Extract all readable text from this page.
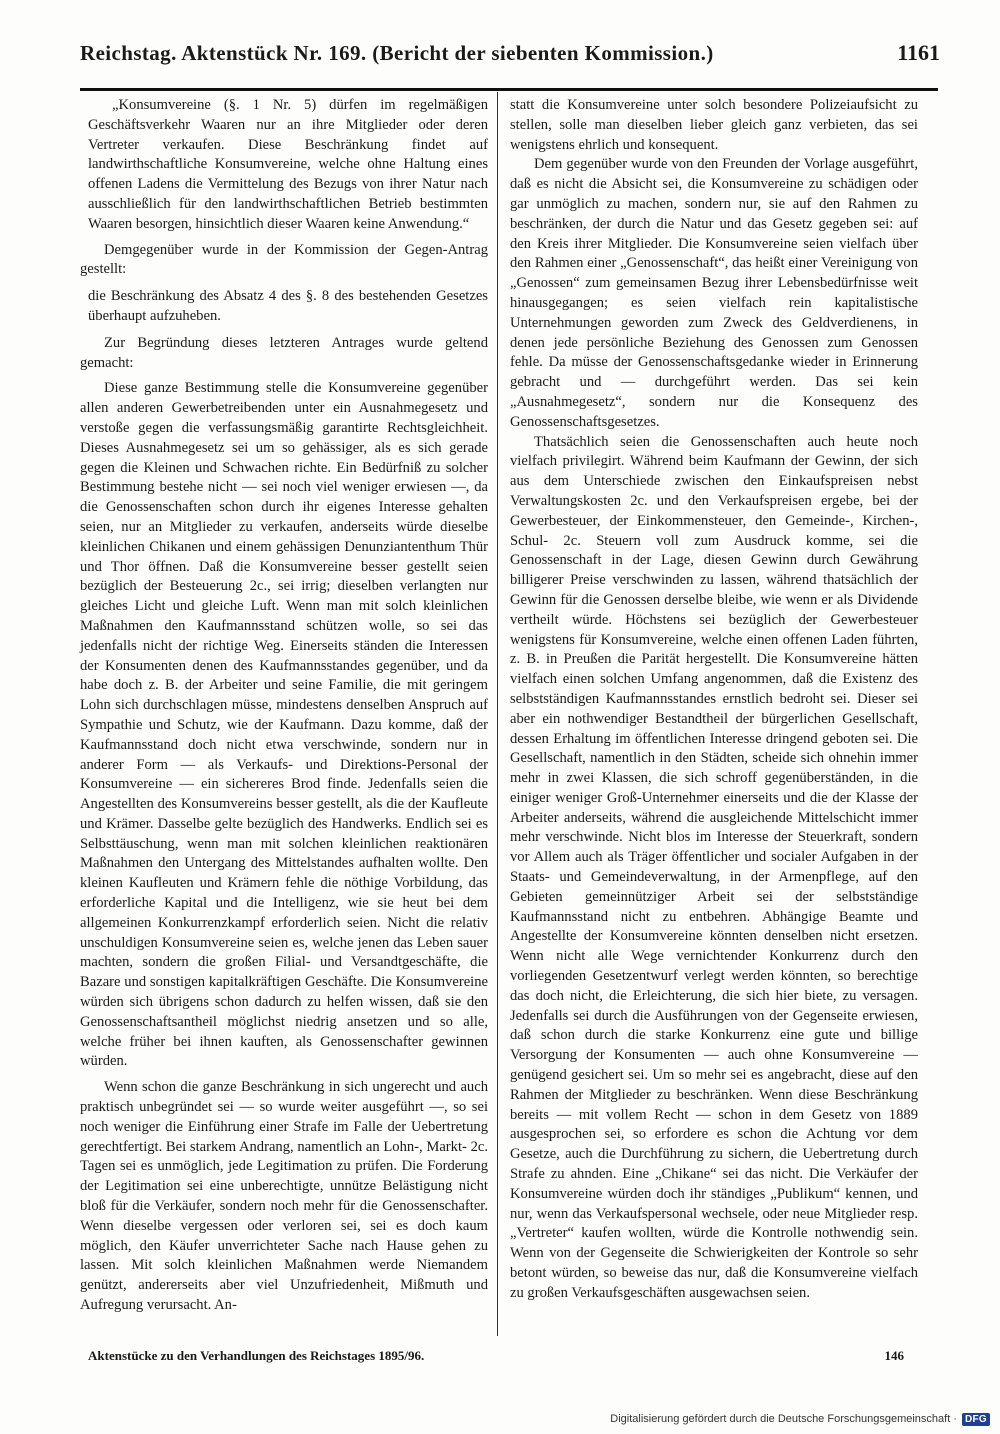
Reichstag. Aktenstück Nr. 169. (Bericht der siebenten Kommission.)	1161

„Konsumvereine (§. 1 Nr. 5) dürfen im regelmäßigen Geschäftsverkehr Waaren nur an ihre Mitglieder oder deren Vertreter verkaufen. Diese Beschränkung findet auf landwirthschaftliche Konsumvereine, welche ohne Haltung eines offenen Ladens die Vermittelung des Bezugs von ihrer Natur nach ausschließlich für den landwirthschaftlichen Betrieb bestimmten Waaren besorgen, hinsichtlich dieser Waaren keine Anwendung.“

Demgegenüber wurde in der Kommission der Gegen-Antrag gestellt:

die Beschränkung des Absatz 4 des §. 8 des bestehenden Gesetzes überhaupt aufzuheben.

Zur Begründung dieses letzteren Antrages wurde geltend gemacht:

Diese ganze Bestimmung stelle die Konsumvereine gegenüber allen anderen Gewerbetreibenden unter ein Ausnahmegesetz und verstoße gegen die verfassungsmäßig garantirte Rechtsgleichheit. Dieses Ausnahmegesetz sei um so gehässiger, als es sich gerade gegen die Kleinen und Schwachen richte. Ein Bedürfniß zu solcher Bestimmung bestehe nicht — sei noch viel weniger erwiesen —, da die Genossenschaften schon durch ihr eigenes Interesse gehalten seien, nur an Mitglieder zu verkaufen, anderseits würde dieselbe kleinlichen Chikanen und einem gehässigen Denunziantenthum Thür und Thor öffnen. Daß die Konsumvereine besser gestellt seien bezüglich der Besteuerung 2c., sei irrig; dieselben verlangten nur gleiches Licht und gleiche Luft. Wenn man mit solch kleinlichen Maßnahmen den Kaufmannsstand schützen wolle, so sei das jedenfalls nicht der richtige Weg. Einerseits ständen die Interessen der Konsumenten denen des Kaufmannsstandes gegenüber, und da habe doch z. B. der Arbeiter und seine Familie, die mit geringem Lohn sich durchschlagen müsse, mindestens denselben Anspruch auf Sympathie und Schutz, wie der Kaufmann. Dazu komme, daß der Kaufmannsstand doch nicht etwa verschwinde, sondern nur in anderer Form — als Verkaufs- und Direktions-Personal der Konsumvereine — ein sichereres Brod finde. Jedenfalls seien die Angestellten des Konsumvereins besser gestellt, als die der Kaufleute und Krämer. Dasselbe gelte bezüglich des Handwerks. Endlich sei es Selbsttäuschung, wenn man mit solchen kleinlichen reaktionären Maßnahmen den Untergang des Mittelstandes aufhalten wollte. Den kleinen Kaufleuten und Krämern fehle die nöthige Vorbildung, das erforderliche Kapital und die Intelligenz, wie sie heut bei dem allgemeinen Konkurrenzkampf erforderlich seien. Nicht die relativ unschuldigen Konsumvereine seien es, welche jenen das Leben sauer machten, sondern die großen Filial- und Versandtgeschäfte, die Bazare und sonstigen kapitalkräftigen Geschäfte. Die Konsumvereine würden sich übrigens schon dadurch zu helfen wissen, daß sie den Genossenschaftsantheil möglichst niedrig ansetzen und so alle, welche früher bei ihnen kauften, als Genossenschafter gewinnen würden.

Wenn schon die ganze Beschränkung in sich ungerecht und auch praktisch unbegründet sei — so wurde weiter ausgeführt —, so sei noch weniger die Einführung einer Strafe im Falle der Uebertretung gerechtfertigt. Bei starkem Andrang, namentlich an Lohn-, Markt- 2c. Tagen sei es unmöglich, jede Legitimation zu prüfen. Die Forderung der Legitimation sei eine unberechtigte, unnütze Belästigung nicht bloß für die Verkäufer, sondern noch mehr für die Genossenschafter. Wenn dieselbe vergessen oder verloren sei, sei es doch kaum möglich, den Käufer unverrichteter Sache nach Hause gehen zu lassen. Mit solch kleinlichen Maßnahmen werde Niemandem genützt, andererseits aber viel Unzufriedenheit, Mißmuth und Aufregung verursacht. An-

statt die Konsumvereine unter solch besondere Polizeiaufsicht zu stellen, solle man dieselben lieber gleich ganz verbieten, das sei wenigstens ehrlich und konsequent.

Dem gegenüber wurde von den Freunden der Vorlage ausgeführt, daß es nicht die Absicht sei, die Konsumvereine zu schädigen oder gar unmöglich zu machen, sondern nur, sie auf den Rahmen zu beschränken, der durch die Natur und das Gesetz gegeben sei: auf den Kreis ihrer Mitglieder. Die Konsumvereine seien vielfach über den Rahmen einer „Genossenschaft“, das heißt einer Vereinigung von „Genossen“ zum gemeinsamen Bezug ihrer Lebensbedürfnisse weit hinausgegangen; es seien vielfach rein kapitalistische Unternehmungen geworden zum Zweck des Geldverdienens, in denen jede persönliche Beziehung des Genossen zum Genossen fehle. Da müsse der Genossenschaftsgedanke wieder in Erinnerung gebracht und — durchgeführt werden. Das sei kein „Ausnahmegesetz“, sondern nur die Konsequenz des Genossenschaftsgesetzes.

Thatsächlich seien die Genossenschaften auch heute noch vielfach privilegirt. Während beim Kaufmann der Gewinn, der sich aus dem Unterschiede zwischen den Einkaufspreisen nebst Verwaltungskosten 2c. und den Verkaufspreisen ergebe, bei der Gewerbesteuer, der Einkommensteuer, den Gemeinde-, Kirchen-, Schul- 2c. Steuern voll zum Ausdruck komme, sei die Genossenschaft in der Lage, diesen Gewinn durch Gewährung billigerer Preise verschwinden zu lassen, während thatsächlich der Gewinn für die Genossen derselbe bleibe, wie wenn er als Dividende vertheilt würde. Höchstens sei bezüglich der Gewerbesteuer wenigstens für Konsumvereine, welche einen offenen Laden führten, z. B. in Preußen die Parität hergestellt. Die Konsumvereine hätten vielfach einen solchen Umfang angenommen, daß die Existenz des selbstständigen Kaufmannsstandes ernstlich bedroht sei. Dieser sei aber ein nothwendiger Bestandtheil der bürgerlichen Gesellschaft, dessen Erhaltung im öffentlichen Interesse dringend geboten sei. Die Gesellschaft, namentlich in den Städten, scheide sich ohnehin immer mehr in zwei Klassen, die sich schroff gegenüberständen, in die einiger weniger Groß-Unternehmer einerseits und die der Klasse der Arbeiter anderseits, während die ausgleichende Mittelschicht immer mehr verschwinde. Nicht blos im Interesse der Steuerkraft, sondern vor Allem auch als Träger öffentlicher und socialer Aufgaben in der Staats- und Gemeindeverwaltung, in der Armenpflege, auf den Gebieten gemeinnütziger Arbeit sei der selbstständige Kaufmannsstand nicht zu entbehren. Abhängige Beamte und Angestellte der Konsumvereine könnten denselben nicht ersetzen. Wenn nicht alle Wege vernichtender Konkurrenz durch den vorliegenden Gesetzentwurf verlegt werden könnten, so berechtige das doch nicht, die Erleichterung, die sich hier biete, zu versagen. Jedenfalls sei durch die Ausführungen von der Gegenseite erwiesen, daß schon durch die starke Konkurrenz eine gute und billige Versorgung der Konsumenten — auch ohne Konsumvereine — genügend gesichert sei. Um so mehr sei es angebracht, diese auf den Rahmen der Mitglieder zu beschränken. Wenn diese Beschränkung bereits — mit vollem Recht — schon in dem Gesetz von 1889 ausgesprochen sei, so erfordere es schon die Achtung vor dem Gesetze, auch die Durchführung zu sichern, die Uebertretung durch Strafe zu ahnden. Eine „Chikane“ sei das nicht. Die Verkäufer der Konsumvereine würden doch ihr ständiges „Publikum“ kennen, und nur, wenn das Verkaufspersonal wechsele, oder neue Mitglieder resp. „Vertreter“ kaufen wollten, würde die Kontrolle nothwendig sein. Wenn von der Gegenseite die Schwierigkeiten der Kontrole so sehr betont würden, so beweise das nur, daß die Konsumvereine vielfach zu großen Verkaufsgeschäften ausgewachsen seien.

Aktenstücke zu den Verhandlungen des Reichstages 1895/96.	146
Digitalisierung gefördert durch die Deutsche Forschungsgemeinschaft · DFG
